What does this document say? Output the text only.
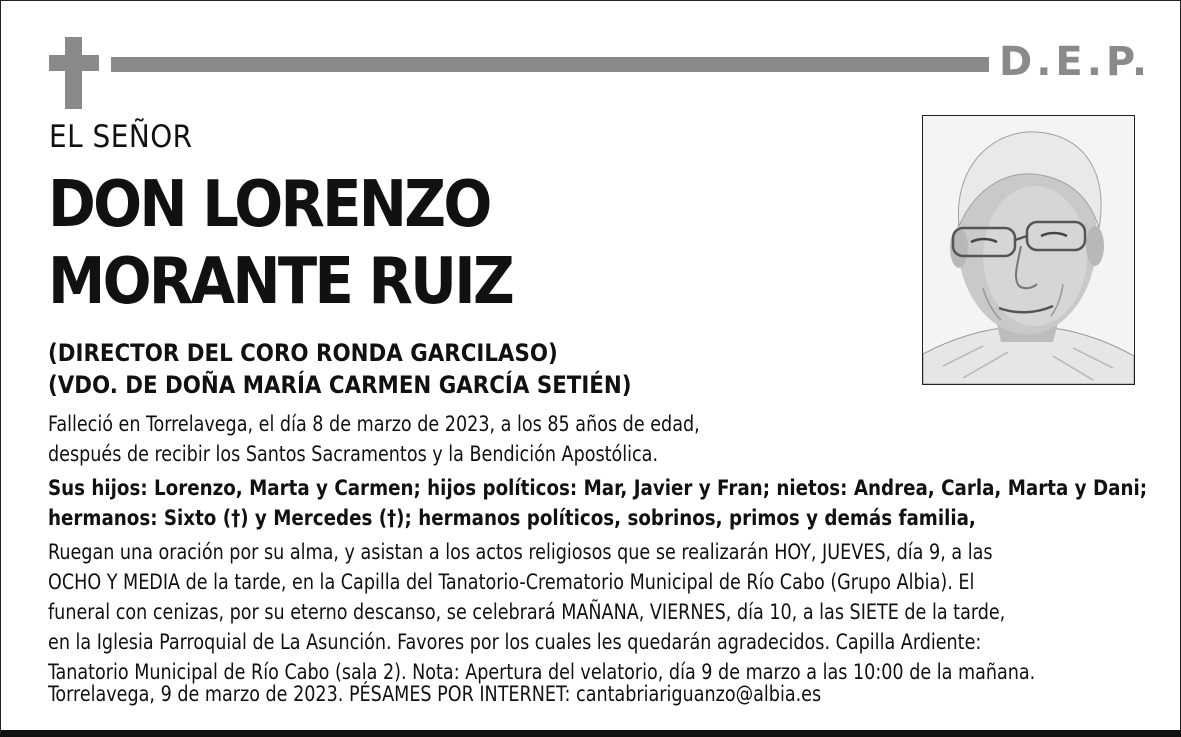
D.E.P.
EL SEÑOR
DON LORENZO
MORANTE RUIZ
(DIRECTOR DEL CORO RONDA GARCILASO)
(VDO. DE DOÑA MARÍA CARMEN GARCÍA SETIÉN)
Falleció en Torrelavega, el día 8 de marzo de 2023, a los 85 años de edad,
después de recibir los Santos Sacramentos y la Bendición Apostólica.
Sus hijos: Lorenzo, Marta y Carmen; hijos políticos: Mar, Javier y Fran; nietos: Andrea, Carla, Marta y Dani;
hermanos: Sixto (†) y Mercedes (†); hermanos políticos, sobrinos, primos y demás familia,
Ruegan una oración por su alma, y asistan a los actos religiosos que se realizarán HOY, JUEVES, día 9, a las
OCHO Y MEDIA de la tarde, en la Capilla del Tanatorio-Crematorio Municipal de Río Cabo (Grupo Albia). El
funeral con cenizas, por su eterno descanso, se celebrará MAÑANA, VIERNES, día 10, a las SIETE de la tarde,
en la Iglesia Parroquial de La Asunción. Favores por los cuales les quedarán agradecidos. Capilla Ardiente:
Tanatorio Municipal de Río Cabo (sala 2). Nota: Apertura del velatorio, día 9 de marzo a las 10:00 de la mañana.
Torrelavega, 9 de marzo de 2023. PÉSAMES POR INTERNET: cantabriariguanzo@albia.es
